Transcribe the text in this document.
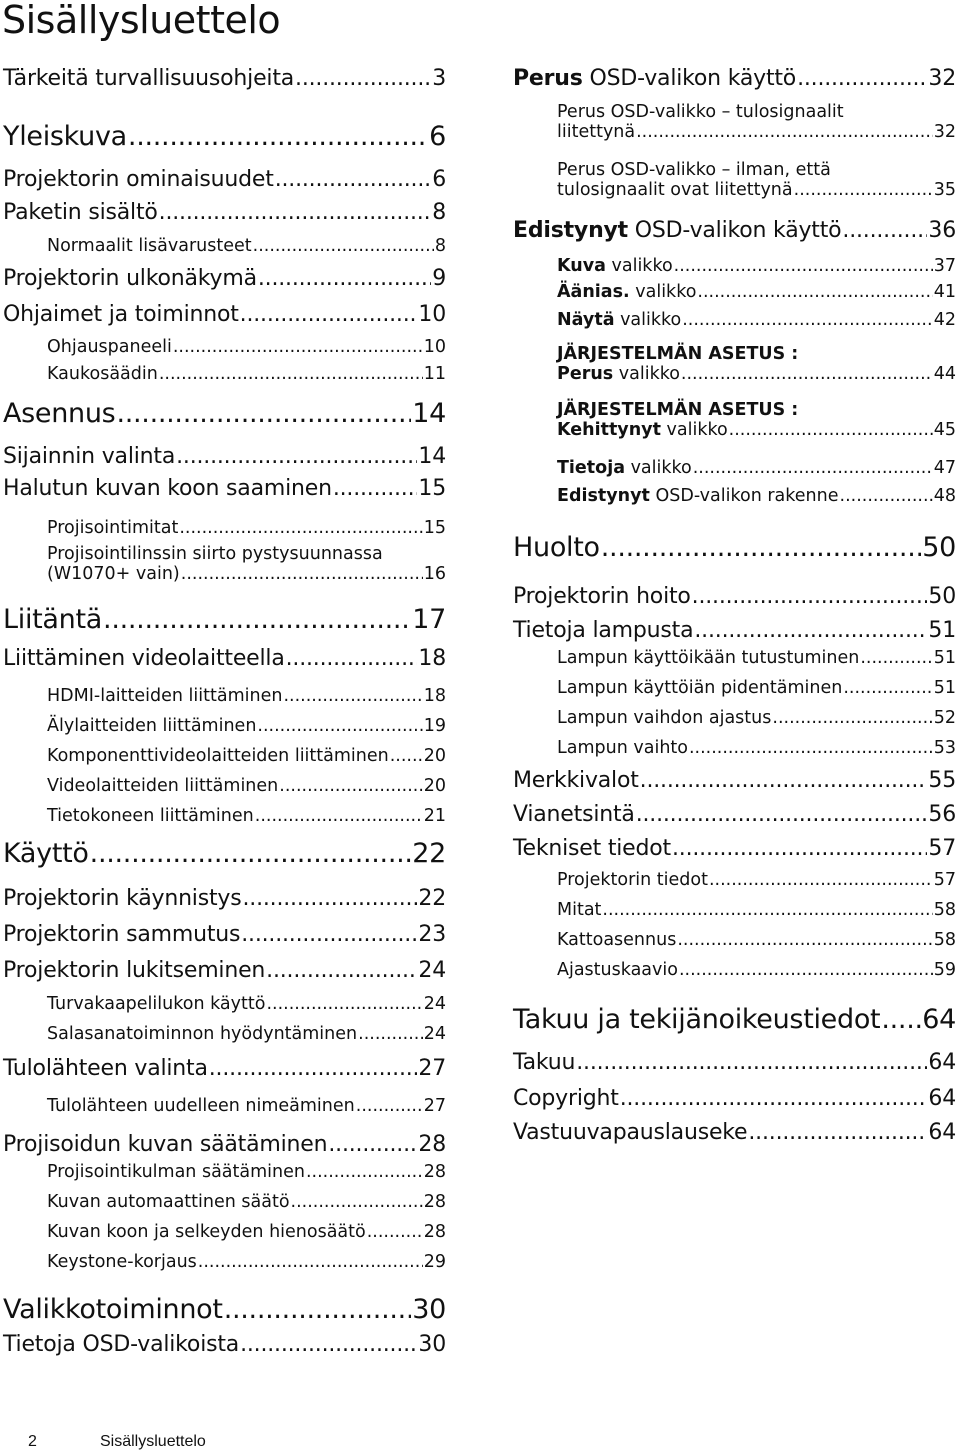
Sisällysluettelo
Tärkeitä turvallisuusohjeita .....	3
Yleiskuva .....	6
Projektorin ominaisuudet .....	6
Paketin sisältö .....	8
Normaalit lisävarusteet .....	8
Projektorin ulkonäkymä .....	9
Ohjaimet ja toiminnot .....	10
Ohjauspaneeli .....	10
Kaukosäädin .....	11
Asennus .....	14
Sijainnin valinta .....	14
Halutun kuvan koon saaminen .....	15
Projisointimitat .....	15
Projisointilinssin siirto pystysuunnassa
(W1070+ vain) .....	16
Liitäntä .....	17
Liittäminen videolaitteella .....	18
HDMI-laitteiden liittäminen .....	18
Älylaitteiden liittäminen .....	19
Komponenttivideolaitteiden liittäminen ..... 20
Videolaitteiden liittäminen .....	20
Tietokoneen liittäminen .....	21
Käyttö .....	22
Projektorin käynnistys .....	22
Projektorin sammutus .....	23
Projektorin lukitseminen .....	24
Turvakaapelilukon käyttö .....	24
Salasanatoiminnon hyödyntäminen .....	24
Tulolähteen valinta .....	27
Tulolähteen uudelleen nimeäminen .....	27
Projisoidun kuvan säätäminen .....	28
Projisointikulman säätäminen .....	28
Kuvan automaattinen säätö .....	28
Kuvan koon ja selkeyden hienosäätö .....	28
Keystone-korjaus .....	29
Valikkotoiminnot .....	30
Tietoja OSD-valikoista .....	30
Perus OSD-valikon käyttö .....	32
Perus OSD-valikko – tulosignaalit
liitettynä .....	32
Perus OSD-valikko – ilman, että
tulosignaalit ovat liitettynä .....	35
Edistynyt OSD-valikon käyttö .....	36
Kuva valikko .....	37
Äänias. valikko .....	41
Näytä valikko .....	42
JÄRJESTELMÄN ASETUS :
Perus valikko .....	44
JÄRJESTELMÄN ASETUS :
Kehittynyt valikko .....	45
Tietoja valikko .....	47
Edistynyt OSD-valikon rakenne .....	48
Huolto .....	50
Projektorin hoito .....	50
Tietoja lampusta .....	51
Lampun käyttöikään tutustuminen .....	51
Lampun käyttöiän pidentäminen .....	51
Lampun vaihdon ajastus .....	52
Lampun vaihto .....	53
Merkkivalot .....	55
Vianetsintä .....	56
Tekniset tiedot .....	57
Projektorin tiedot .....	57
Mitat .....	58
Kattoasennus .....	58
Ajastuskaavio .....	59
Takuu ja tekijänoikeustiedot ..... 64
Takuu .....	64
Copyright .....	64
Vastuuvapauslauseke .....	64
2	Sisällysluettelo
